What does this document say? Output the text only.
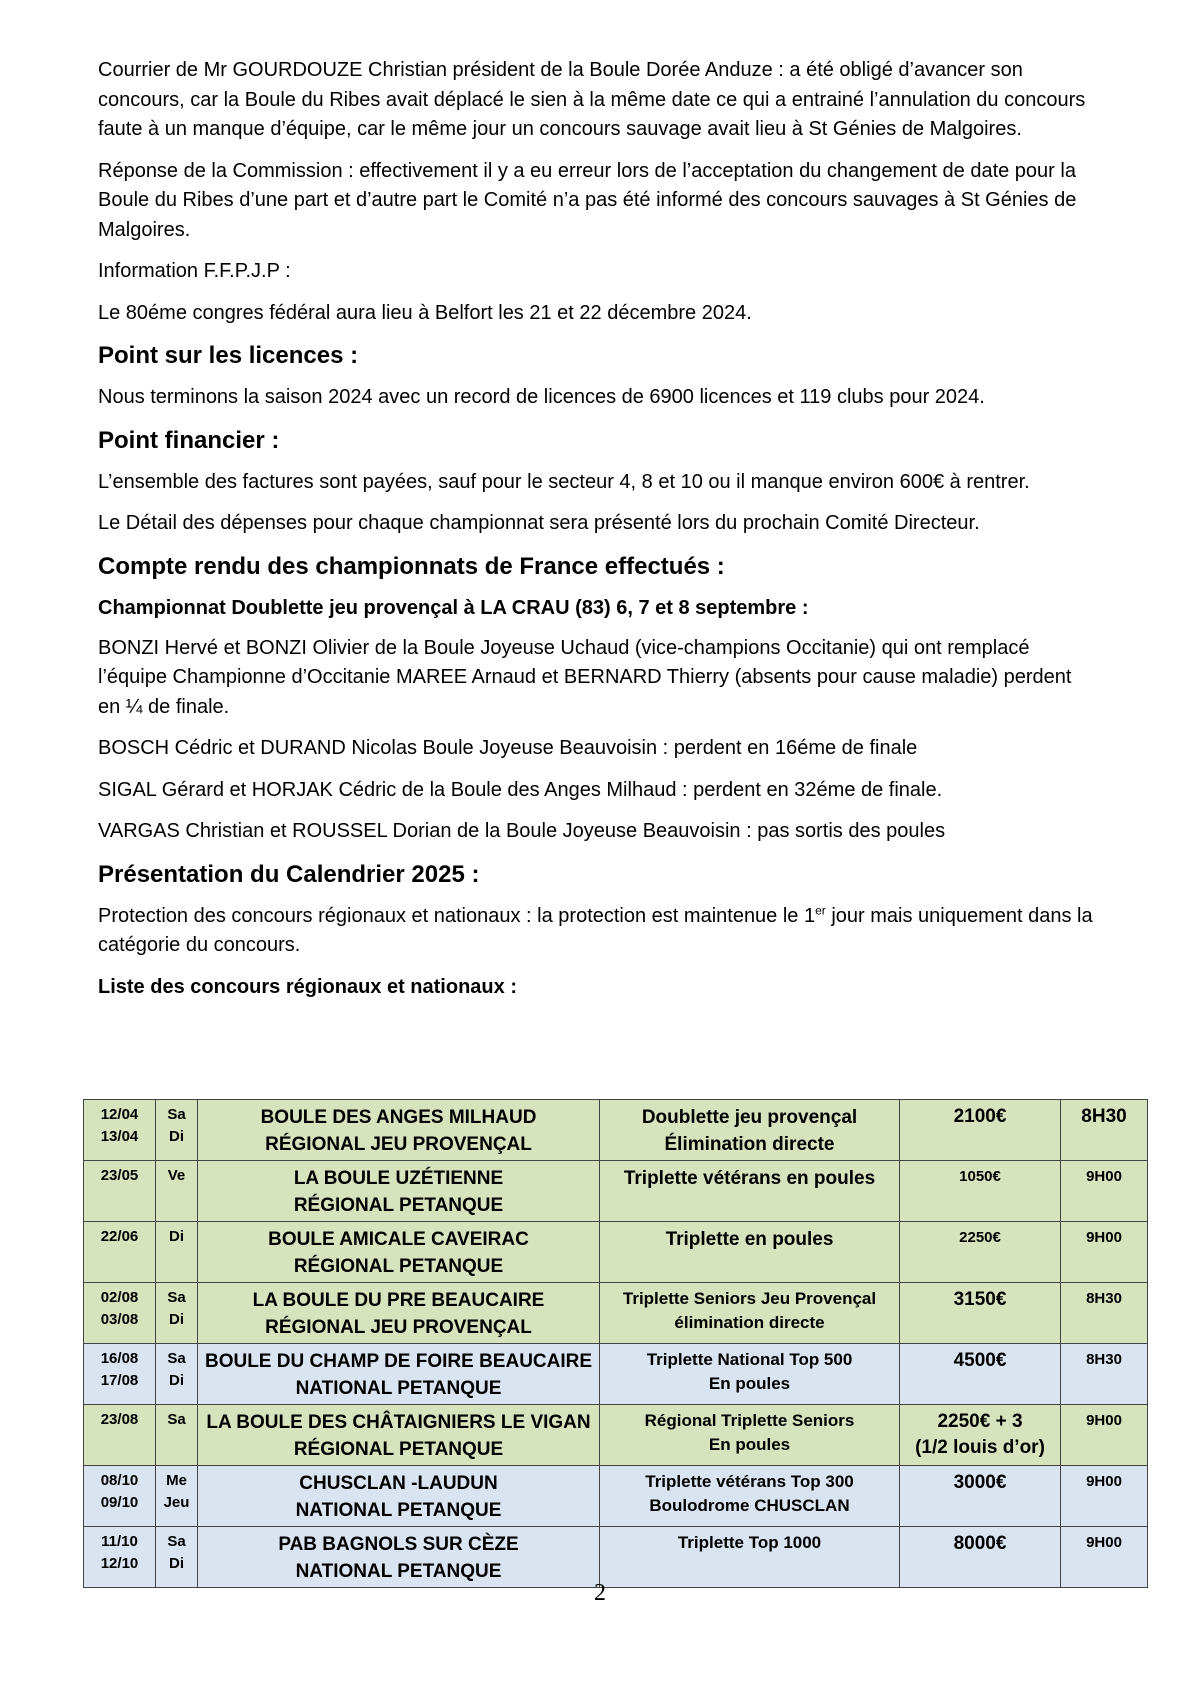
Courrier de Mr GOURDOUZE Christian président de la Boule Dorée Anduze : a été obligé d’avancer son concours, car la Boule du Ribes avait déplacé le sien à la même date ce qui a entrainé l’annulation du concours faute à un manque d’équipe, car le même jour un concours sauvage avait lieu à St Génies de Malgoires.

Réponse de la Commission : effectivement il y a eu erreur lors de l’acceptation du changement de date pour la Boule du Ribes d’une part et d’autre part le Comité n’a pas été informé des concours sauvages à St Génies de Malgoires.

Information F.F.P.J.P :

Le 80éme congres fédéral aura lieu à Belfort les 21 et 22 décembre 2024.

Point sur les licences :

Nous terminons la saison 2024 avec un record de licences de 6900 licences et 119 clubs pour 2024.

Point financier :

L’ensemble des factures sont payées, sauf pour le secteur 4, 8 et 10 ou il manque environ 600€ à rentrer.

Le Détail des dépenses pour chaque championnat sera présenté lors du prochain Comité Directeur.

Compte rendu des championnats de France effectués :
Championnat Doublette jeu provençal à LA CRAU (83) 6, 7 et 8 septembre :

BONZI Hervé et BONZI Olivier de la Boule Joyeuse Uchaud (vice-champions Occitanie) qui ont remplacé l’équipe Championne d’Occitanie MAREE Arnaud et BERNARD Thierry (absents pour cause maladie) perdent en ¼ de finale.

BOSCH Cédric et DURAND Nicolas Boule Joyeuse Beauvoisin : perdent en 16éme de finale

SIGAL Gérard et HORJAK Cédric de la Boule des Anges Milhaud : perdent en 32éme de finale.

VARGAS Christian et ROUSSEL Dorian de la Boule Joyeuse Beauvoisin : pas sortis des poules

Présentation du Calendrier 2025 :

Protection des concours régionaux et nationaux : la protection est maintenue le 1er jour mais uniquement dans la catégorie du concours.

Liste des concours régionaux et nationaux :
12/04
13/04	Sa
Di	BOULE DES ANGES MILHAUD
RÉGIONAL JEU PROVENÇAL	Doublette jeu provençal
Élimination directe	2100€	8H30

23/05	Ve	LA BOULE UZÉTIENNE
RÉGIONAL PETANQUE	Triplette vétérans en poules	1050€	9H00

22/06	Di	BOULE AMICALE CAVEIRAC
RÉGIONAL PETANQUE	Triplette en poules	2250€	9H00

02/08
03/08	Sa
Di	LA BOULE DU PRE BEAUCAIRE
RÉGIONAL JEU PROVENÇAL	Triplette Seniors Jeu Provençal
élimination directe	3150€	8H30

16/08
17/08	Sa
Di	BOULE DU CHAMP DE FOIRE BEAUCAIRE
NATIONAL PETANQUE	Triplette National Top 500
En poules	4500€	8H30

23/08	Sa	LA BOULE DES CHÂTAIGNIERS LE VIGAN
RÉGIONAL PETANQUE	Régional Triplette Seniors
En poules	2250€ + 3
(1/2 louis d’or)	9H00

08/10
09/10	Me
Jeu	CHUSCLAN -LAUDUN
NATIONAL PETANQUE	Triplette vétérans Top 300
Boulodrome CHUSCLAN	3000€	9H00

11/10
12/10	Sa
Di	PAB BAGNOLS SUR CÈZE
NATIONAL PETANQUE	Triplette Top 1000	8000€	9H00
2
